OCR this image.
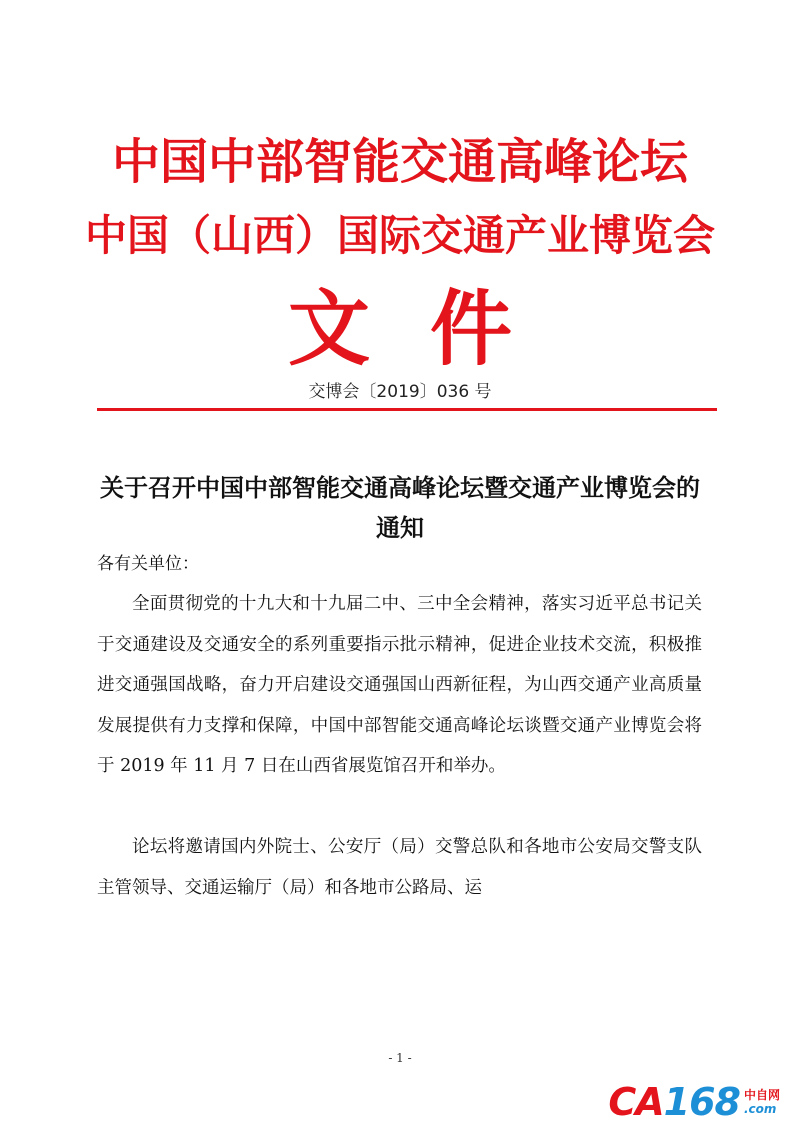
中国中部智能交通高峰论坛
中国（山西）国际交通产业博览会
文件
交博会〔2019〕036 号
关于召开中国中部智能交通高峰论坛暨交通产业博览会的通知
各有关单位：

全面贯彻党的十九大和十九届二中、三中全会精神，落实习近平总书记关于交通建设及交通安全的系列重要指示批示精神，促进企业技术交流，积极推进交通强国战略，奋力开启建设交通强国山西新征程，为山西交通产业高质量发展提供有力支撑和保障，中国中部智能交通高峰论坛谈暨交通产业博览会将于 2019 年 11 月 7 日在山西省展览馆召开和举办。

论坛将邀请国内外院士、公安厅（局）交警总队和各地市公安局交警支队主管领导、交通运输厅（局）和各地市公路局、运

- 1 -
CA168 中自网
.com
